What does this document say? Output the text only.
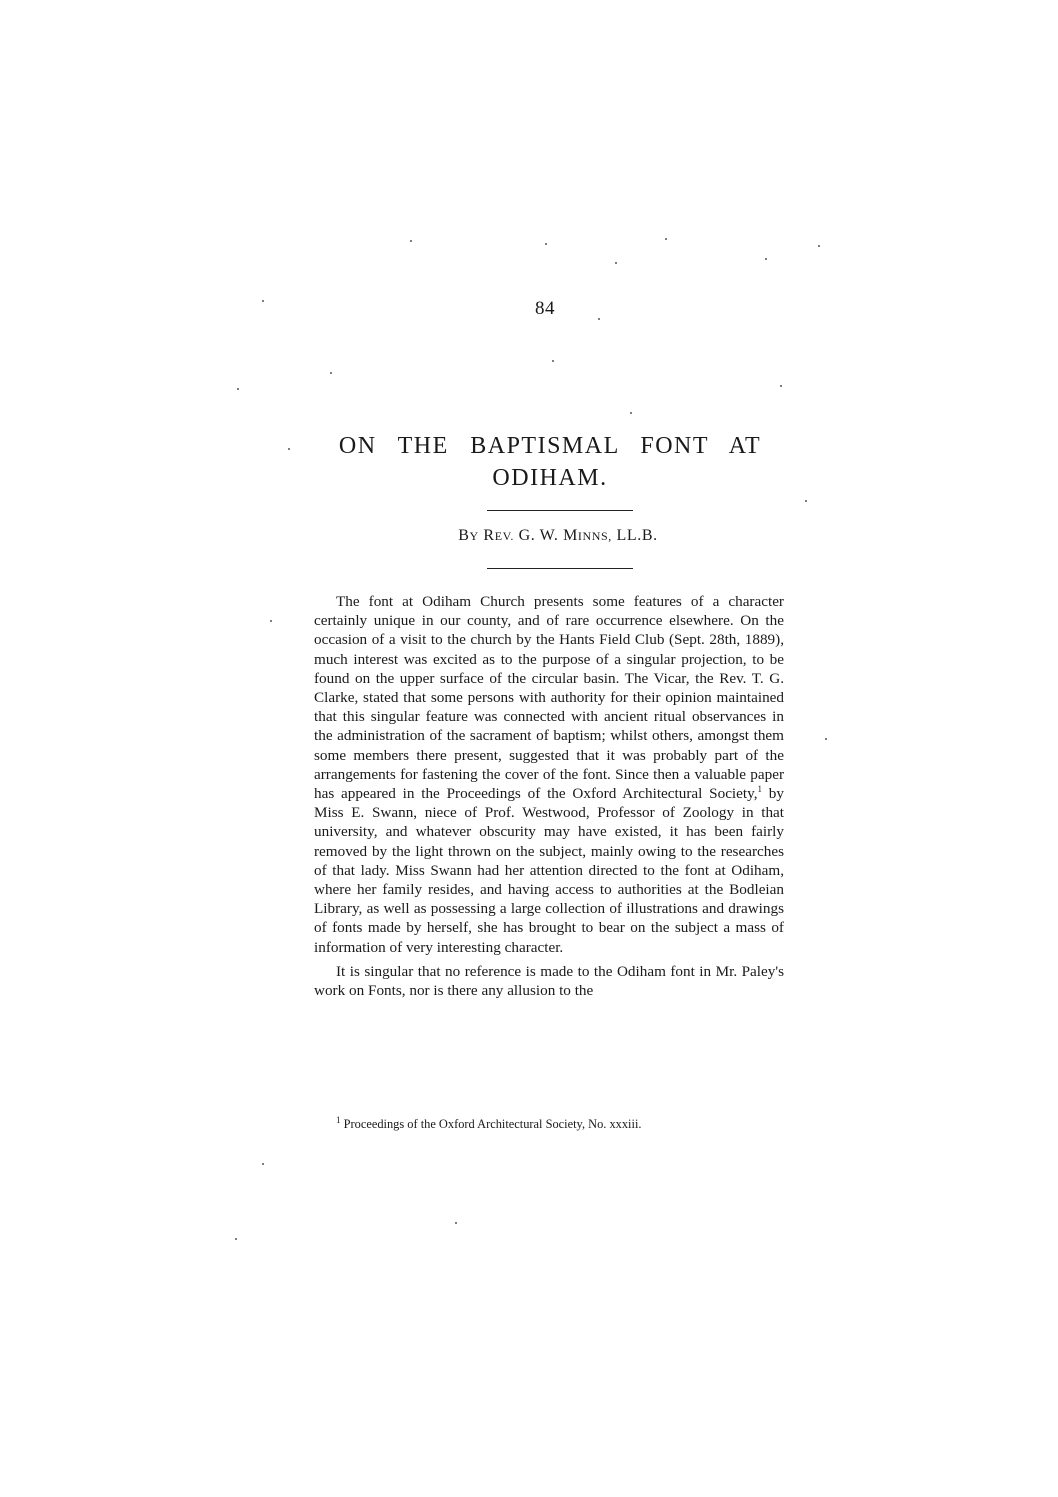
84
ON THE BAPTISMAL FONT AT
ODIHAM.
BY REV. G. W. MINNS, LL.B.

The font at Odiham Church presents some features of a character certainly unique in our county, and of rare occurrence elsewhere. On the occasion of a visit to the church by the Hants Field Club (Sept. 28th, 1889), much interest was excited as to the purpose of a singular projection, to be found on the upper surface of the circular basin. The Vicar, the Rev. T. G. Clarke, stated that some persons with authority for their opinion maintained that this singular feature was connected with ancient ritual observances in the administration of the sacrament of baptism; whilst others, amongst them some members there present, suggested that it was probably part of the arrangements for fastening the cover of the font. Since then a valuable paper has appeared in the Proceedings of the Oxford Architectural Society,$^1$ by Miss E. Swann, niece of Prof. Westwood, Professor of Zoology in that university, and whatever obscurity may have existed, it has been fairly removed by the light thrown on the subject, mainly owing to the researches of that lady. Miss Swann had her attention directed to the font at Odiham, where her family resides, and having access to authorities at the Bodleian Library, as well as possessing a large collection of illustrations and drawings of fonts made by herself, she has brought to bear on the subject a mass of information of very interesting character.

It is singular that no reference is made to the Odiham font in Mr. Paley's work on Fonts, nor is there any allusion to the

$^1$ Proceedings of the Oxford Architectural Society, No. xxxiii.
